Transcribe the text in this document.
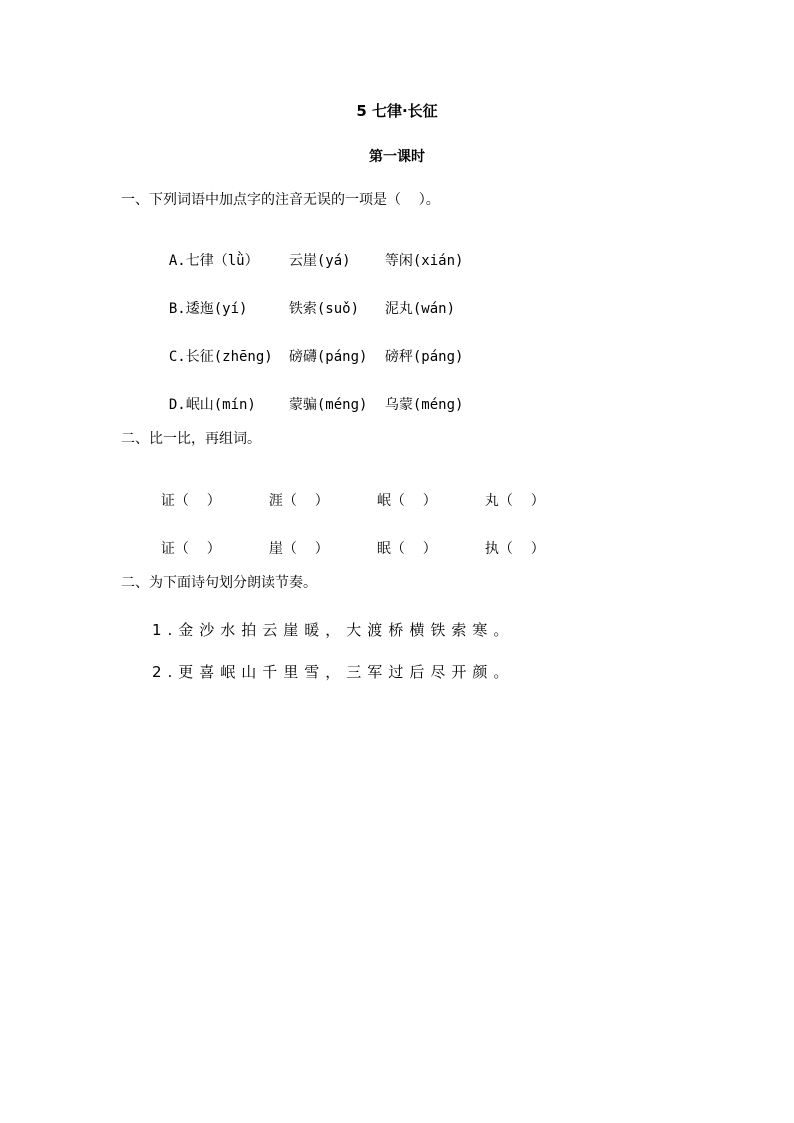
5 七律·长征
第一课时
一、下列词语中加点字的注音无误的一项是（    ）。

A.七律（lǜ） 云崖(yá) 等闲(xián)

B.逶迤(yí)	铁索(suǒ) 泥丸(wán)

C.长征(zhēng) 磅礴(páng) 磅秤(páng)

D.岷山(mín) 蒙骗(méng) 乌蒙(méng)

二、比一比，再组词。

证（    ）	涯（    ）	岷（    ）	丸（    ）

证（    ）	崖（    ）	眠（    ）	执（    ）

二、为下面诗句划分朗读节奏。
1.金沙水拍云崖暖，大渡桥横铁索寒。
2.更喜岷山千里雪，三军过后尽开颜。
